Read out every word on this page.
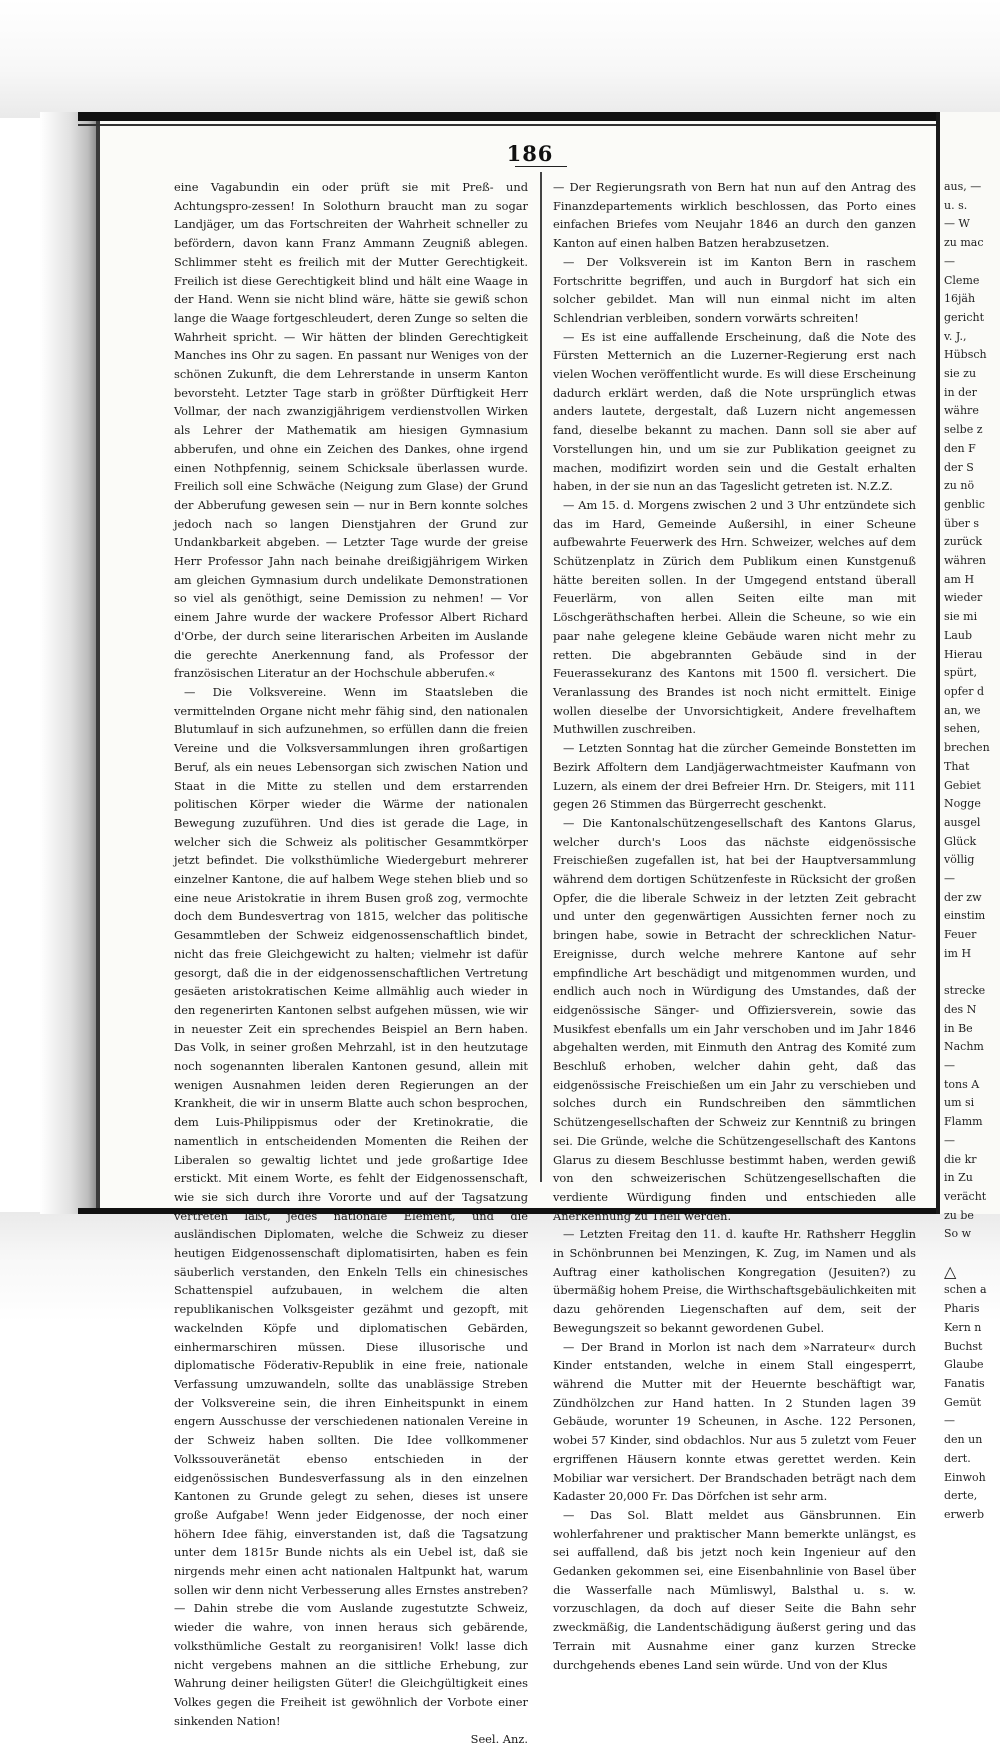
186

eine Vagabundin ein oder prüft sie mit Preß- und Achtungspro-zessen! In Solothurn braucht man zu sogar Landjäger, um das Fortschreiten der Wahrheit schneller zu befördern, davon kann Franz Ammann Zeugniß ablegen. Schlimmer steht es freilich mit der Mutter Gerechtigkeit. Freilich ist diese Gerechtigkeit blind und hält eine Waage in der Hand. Wenn sie nicht blind wäre, hätte sie gewiß schon lange die Waage fortgeschleudert, deren Zunge so selten die Wahrheit spricht. — Wir hätten der blinden Gerechtigkeit Manches ins Ohr zu sagen. En passant nur Weniges von der schönen Zukunft, die dem Lehrerstande in unserm Kanton bevorsteht. Letzter Tage starb in größter Dürftigkeit Herr Vollmar, der nach zwanzigjährigem verdienstvollen Wirken als Lehrer der Mathematik am hiesigen Gymnasium abberufen, und ohne ein Zeichen des Dankes, ohne irgend einen Nothpfennig, seinem Schicksale überlassen wurde. Freilich soll eine Schwäche (Neigung zum Glase) der Grund der Abberufung gewesen sein — nur in Bern konnte solches jedoch nach so langen Dienstjahren der Grund zur Undankbarkeit abgeben. — Letzter Tage wurde der greise Herr Professor Jahn nach beinahe dreißigjährigem Wirken am gleichen Gymnasium durch undelikate Demonstrationen so viel als genöthigt, seine Demission zu nehmen! — Vor einem Jahre wurde der wackere Professor Albert Richard d'Orbe, der durch seine literarischen Arbeiten im Auslande die gerechte Anerkennung fand, als Professor der französischen Literatur an der Hochschule abberufen.«

— Die Volksvereine. Wenn im Staatsleben die vermittelnden Organe nicht mehr fähig sind, den nationalen Blutumlauf in sich aufzunehmen, so erfüllen dann die freien Vereine und die Volksversammlungen ihren großartigen Beruf, als ein neues Lebensorgan sich zwischen Nation und Staat in die Mitte zu stellen und dem erstarrenden politischen Körper wieder die Wärme der nationalen Bewegung zuzuführen. Und dies ist gerade die Lage, in welcher sich die Schweiz als politischer Gesammtkörper jetzt befindet. Die volksthümliche Wiedergeburt mehrerer einzelner Kantone, die auf halbem Wege stehen blieb und so eine neue Aristokratie in ihrem Busen groß zog, vermochte doch dem Bundesvertrag von 1815, welcher das politische Gesammtleben der Schweiz eidgenossenschaftlich bindet, nicht das freie Gleichgewicht zu halten; vielmehr ist dafür gesorgt, daß die in der eidgenossenschaftlichen Vertretung gesäeten aristokratischen Keime allmählig auch wieder in den regenerirten Kantonen selbst aufgehen müssen, wie wir in neuester Zeit ein sprechendes Beispiel an Bern haben. Das Volk, in seiner großen Mehrzahl, ist in den heutzutage noch sogenannten liberalen Kantonen gesund, allein mit wenigen Ausnahmen leiden deren Regierungen an der Krankheit, die wir in unserm Blatte auch schon besprochen, dem Luis-Philippismus oder der Kretinokratie, die namentlich in entscheidenden Momenten die Reihen der Liberalen so gewaltig lichtet und jede großartige Idee erstickt. Mit einem Worte, es fehlt der Eidgenossenschaft, wie sie sich durch ihre Vororte und auf der Tagsatzung vertreten läßt, jedes nationale Element, und die ausländischen Diplomaten, welche die Schweiz zu dieser heutigen Eidgenossenschaft diplomatisirten, haben es fein säuberlich verstanden, den Enkeln Tells ein chinesisches Schattenspiel aufzubauen, in welchem die alten republikanischen Volksgeister gezähmt und gezopft, mit wackelnden Köpfe und diplomatischen Gebärden, einhermarschiren müssen. Diese illusorische und diplomatische Föderativ-Republik in eine freie, nationale Verfassung umzuwandeln, sollte das unablässige Streben der Volksvereine sein, die ihren Einheitspunkt in einem engern Ausschusse der verschiedenen nationalen Vereine in der Schweiz haben sollten. Die Idee vollkommener Volkssouveränetät ebenso entschieden in der eidgenössischen Bundesverfassung als in den einzelnen Kantonen zu Grunde gelegt zu sehen, dieses ist unsere große Aufgabe! Wenn jeder Eidgenosse, der noch einer höhern Idee fähig, einverstanden ist, daß die Tagsatzung unter dem 1815r Bunde nichts als ein Uebel ist, daß sie nirgends mehr einen acht nationalen Haltpunkt hat, warum sollen wir denn nicht Verbesserung alles Ernstes anstreben? — Dahin strebe die vom Auslande zugestutzte Schweiz, wieder die wahre, von innen heraus sich gebärende, volksthümliche Gestalt zu reorganisiren! Volk! lasse dich nicht vergebens mahnen an die sittliche Erhebung, zur Wahrung deiner heiligsten Güter! die Gleichgültigkeit eines Volkes gegen die Freiheit ist gewöhnlich der Vorbote einer sinkenden Nation!

Seel. Anz.

— Der Regierungsrath von Bern hat nun auf den Antrag des Finanzdepartements wirklich beschlossen, das Porto eines einfachen Briefes vom Neujahr 1846 an durch den ganzen Kanton auf einen halben Batzen herabzusetzen.

— Der Volksverein ist im Kanton Bern in raschem Fortschritte begriffen, und auch in Burgdorf hat sich ein solcher gebildet. Man will nun einmal nicht im alten Schlendrian verbleiben, sondern vorwärts schreiten!

— Es ist eine auffallende Erscheinung, daß die Note des Fürsten Metternich an die Luzerner-Regierung erst nach vielen Wochen veröffentlicht wurde. Es will diese Erscheinung dadurch erklärt werden, daß die Note ursprünglich etwas anders lautete, dergestalt, daß Luzern nicht angemessen fand, dieselbe bekannt zu machen. Dann soll sie aber auf Vorstellungen hin, und um sie zur Publikation geeignet zu machen, modifizirt worden sein und die Gestalt erhalten haben, in der sie nun an das Tageslicht getreten ist. N.Z.Z.

— Am 15. d. Morgens zwischen 2 und 3 Uhr entzündete sich das im Hard, Gemeinde Außersihl, in einer Scheune aufbewahrte Feuerwerk des Hrn. Schweizer, welches auf dem Schützenplatz in Zürich dem Publikum einen Kunstgenuß hätte bereiten sollen. In der Umgegend entstand überall Feuerlärm, von allen Seiten eilte man mit Löschgeräthschaften herbei. Allein die Scheune, so wie ein paar nahe gelegene kleine Gebäude waren nicht mehr zu retten. Die abgebrannten Gebäude sind in der Feuerassekuranz des Kantons mit 1500 fl. versichert. Die Veranlassung des Brandes ist noch nicht ermittelt. Einige wollen dieselbe der Unvorsichtigkeit, Andere frevelhaftem Muthwillen zuschreiben.

— Letzten Sonntag hat die zürcher Gemeinde Bonstetten im Bezirk Affoltern dem Landjägerwachtmeister Kaufmann von Luzern, als einem der drei Befreier Hrn. Dr. Steigers, mit 111 gegen 26 Stimmen das Bürgerrecht geschenkt.

— Die Kantonalschützengesellschaft des Kantons Glarus, welcher durch's Loos das nächste eidgenössische Freischießen zugefallen ist, hat bei der Hauptversammlung während dem dortigen Schützenfeste in Rücksicht der großen Opfer, die die liberale Schweiz in der letzten Zeit gebracht und unter den gegenwärtigen Aussichten ferner noch zu bringen habe, sowie in Betracht der schrecklichen Natur-Ereignisse, durch welche mehrere Kantone auf sehr empfindliche Art beschädigt und mitgenommen wurden, und endlich auch noch in Würdigung des Umstandes, daß der eidgenössische Sänger- und Offiziersverein, sowie das Musikfest ebenfalls um ein Jahr verschoben und im Jahr 1846 abgehalten werden, mit Einmuth den Antrag des Komité zum Beschluß erhoben, welcher dahin geht, daß das eidgenössische Freischießen um ein Jahr zu verschieben und solches durch ein Rundschreiben den sämmtlichen Schützengesellschaften der Schweiz zur Kenntniß zu bringen sei. Die Gründe, welche die Schützengesellschaft des Kantons Glarus zu diesem Beschlusse bestimmt haben, werden gewiß von den schweizerischen Schützengesellschaften die verdiente Würdigung finden und entschieden alle Anerkennung zu Theil werden.

— Letzten Freitag den 11. d. kaufte Hr. Rathsherr Hegglin in Schönbrunnen bei Menzingen, K. Zug, im Namen und als Auftrag einer katholischen Kongregation (Jesuiten?) zu übermäßig hohem Preise, die Wirthschaftsgebäulichkeiten mit dazu gehörenden Liegenschaften auf dem, seit der Bewegungszeit so bekannt gewordenen Gubel.

— Der Brand in Morlon ist nach dem »Narrateur« durch Kinder entstanden, welche in einem Stall eingesperrt, während die Mutter mit der Heuernte beschäftigt war, Zündhölzchen zur Hand hatten. In 2 Stunden lagen 39 Gebäude, worunter 19 Scheunen, in Asche. 122 Personen, wobei 57 Kinder, sind obdachlos. Nur aus 5 zuletzt vom Feuer ergriffenen Häusern konnte etwas gerettet werden. Kein Mobiliar war versichert. Der Brandschaden beträgt nach dem Kadaster 20,000 Fr. Das Dörfchen ist sehr arm.

— Das Sol. Blatt meldet aus Gänsbrunnen. Ein wohlerfahrener und praktischer Mann bemerkte unlängst, es sei auffallend, daß bis jetzt noch kein Ingenieur auf den Gedanken gekommen sei, eine Eisenbahnlinie von Basel über die Wasserfalle nach Mümliswyl, Balsthal u. s. w. vorzuschlagen, da doch auf dieser Seite die Bahn sehr zweckmäßig, die Landentschädigung äußerst gering und das Terrain mit Ausnahme einer ganz kurzen Strecke durchgehends ebenes Land sein würde. Und von der Klus

aus, —
u. s.
— W
zu mac
—
Cleme
16jäh
gericht
v. J.,
Hübsch
sie zu
in der
währe
selbe z
den F
der S
zu nö
genblic
über s
zurück
währen
am H
wieder
sie mi
Laub
Hierau
spürt,
opfer d
an, we
sehen,
brechen
That
Gebiet
Nogge
ausgel
Glück
völlig
—
der zw
einstim
Feuer
im H

strecke
des N
in Be
Nachm
—
tons A
um si
Flamm
—
die kr
in Zu
verächt
zu be
So w

△
schen a
Pharis
Kern n
Buchst
Glaube
Fanatis
Gemüt
—
den un
dert.
Einwoh
derte,
erwerb
